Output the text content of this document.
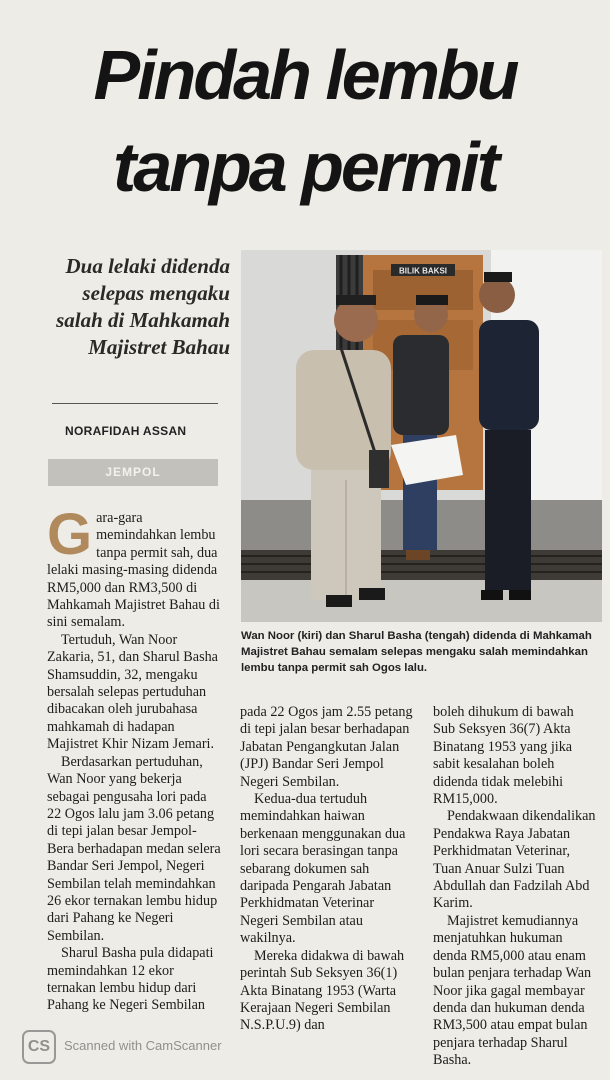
Pindah lembu
tanpa permit
Dua lelaki didenda selepas mengaku salah di Mahkamah Majistret Bahau
NORAFIDAH ASSAN
JEMPOL
BILIK BAKSI
Wan Noor (kiri) dan Sharul Basha (tengah) didenda di Mahkamah Majistret Bahau semalam selepas mengaku salah memindahkan lembu tanpa permit sah Ogos lalu.

Gara-gara memindahkan lembu tanpa permit sah, dua lelaki masing-masing didenda RM5,000 dan RM3,500 di Mahkamah Majistret Bahau di sini semalam.

Tertuduh, Wan Noor Zakaria, 51, dan Sharul Basha Shamsuddin, 32, mengaku bersalah selepas pertuduhan dibacakan oleh jurubahasa mahkamah di hadapan Majistret Khir Nizam Jemari.

Berdasarkan pertuduhan, Wan Noor yang bekerja sebagai pengusaha lori pada 22 Ogos lalu jam 3.06 petang di tepi jalan besar Jempol-Bera berhadapan medan selera Bandar Seri Jempol, Negeri Sembilan telah memindahkan 26 ekor ternakan lembu hidup dari Pahang ke Negeri Sembilan.

Sharul Basha pula didapati memindahkan 12 ekor ternakan lembu hidup dari Pahang ke Negeri Sembilan

pada 22 Ogos jam 2.55 petang di tepi jalan besar berhadapan Jabatan Pengangkutan Jalan (JPJ) Bandar Seri Jempol Negeri Sembilan.

Kedua-dua tertuduh memindahkan haiwan berkenaan menggunakan dua lori secara berasingan tanpa sebarang dokumen sah daripada Pengarah Jabatan Perkhidmatan Veterinar Negeri Sembilan atau wakilnya.

Mereka didakwa di bawah perintah Sub Seksyen 36(1) Akta Binatang 1953 (Warta Kerajaan Negeri Sembilan N.S.P.U.9) dan

boleh dihukum di bawah Sub Seksyen 36(7) Akta Binatang 1953 yang jika sabit kesalahan boleh didenda tidak melebihi RM15,000.

Pendakwaan dikendalikan Pendakwa Raya Jabatan Perkhidmatan Veterinar, Tuan Anuar Sulzi Tuan Abdullah dan Fadzilah Abd Karim.

Majistret kemudiannya menjatuhkan hukuman denda RM5,000 atau enam bulan penjara terhadap Wan Noor jika gagal membayar denda dan hukuman denda RM3,500 atau empat bulan penjara terhadap Sharul Basha.

CS	Scanned with CamScanner
